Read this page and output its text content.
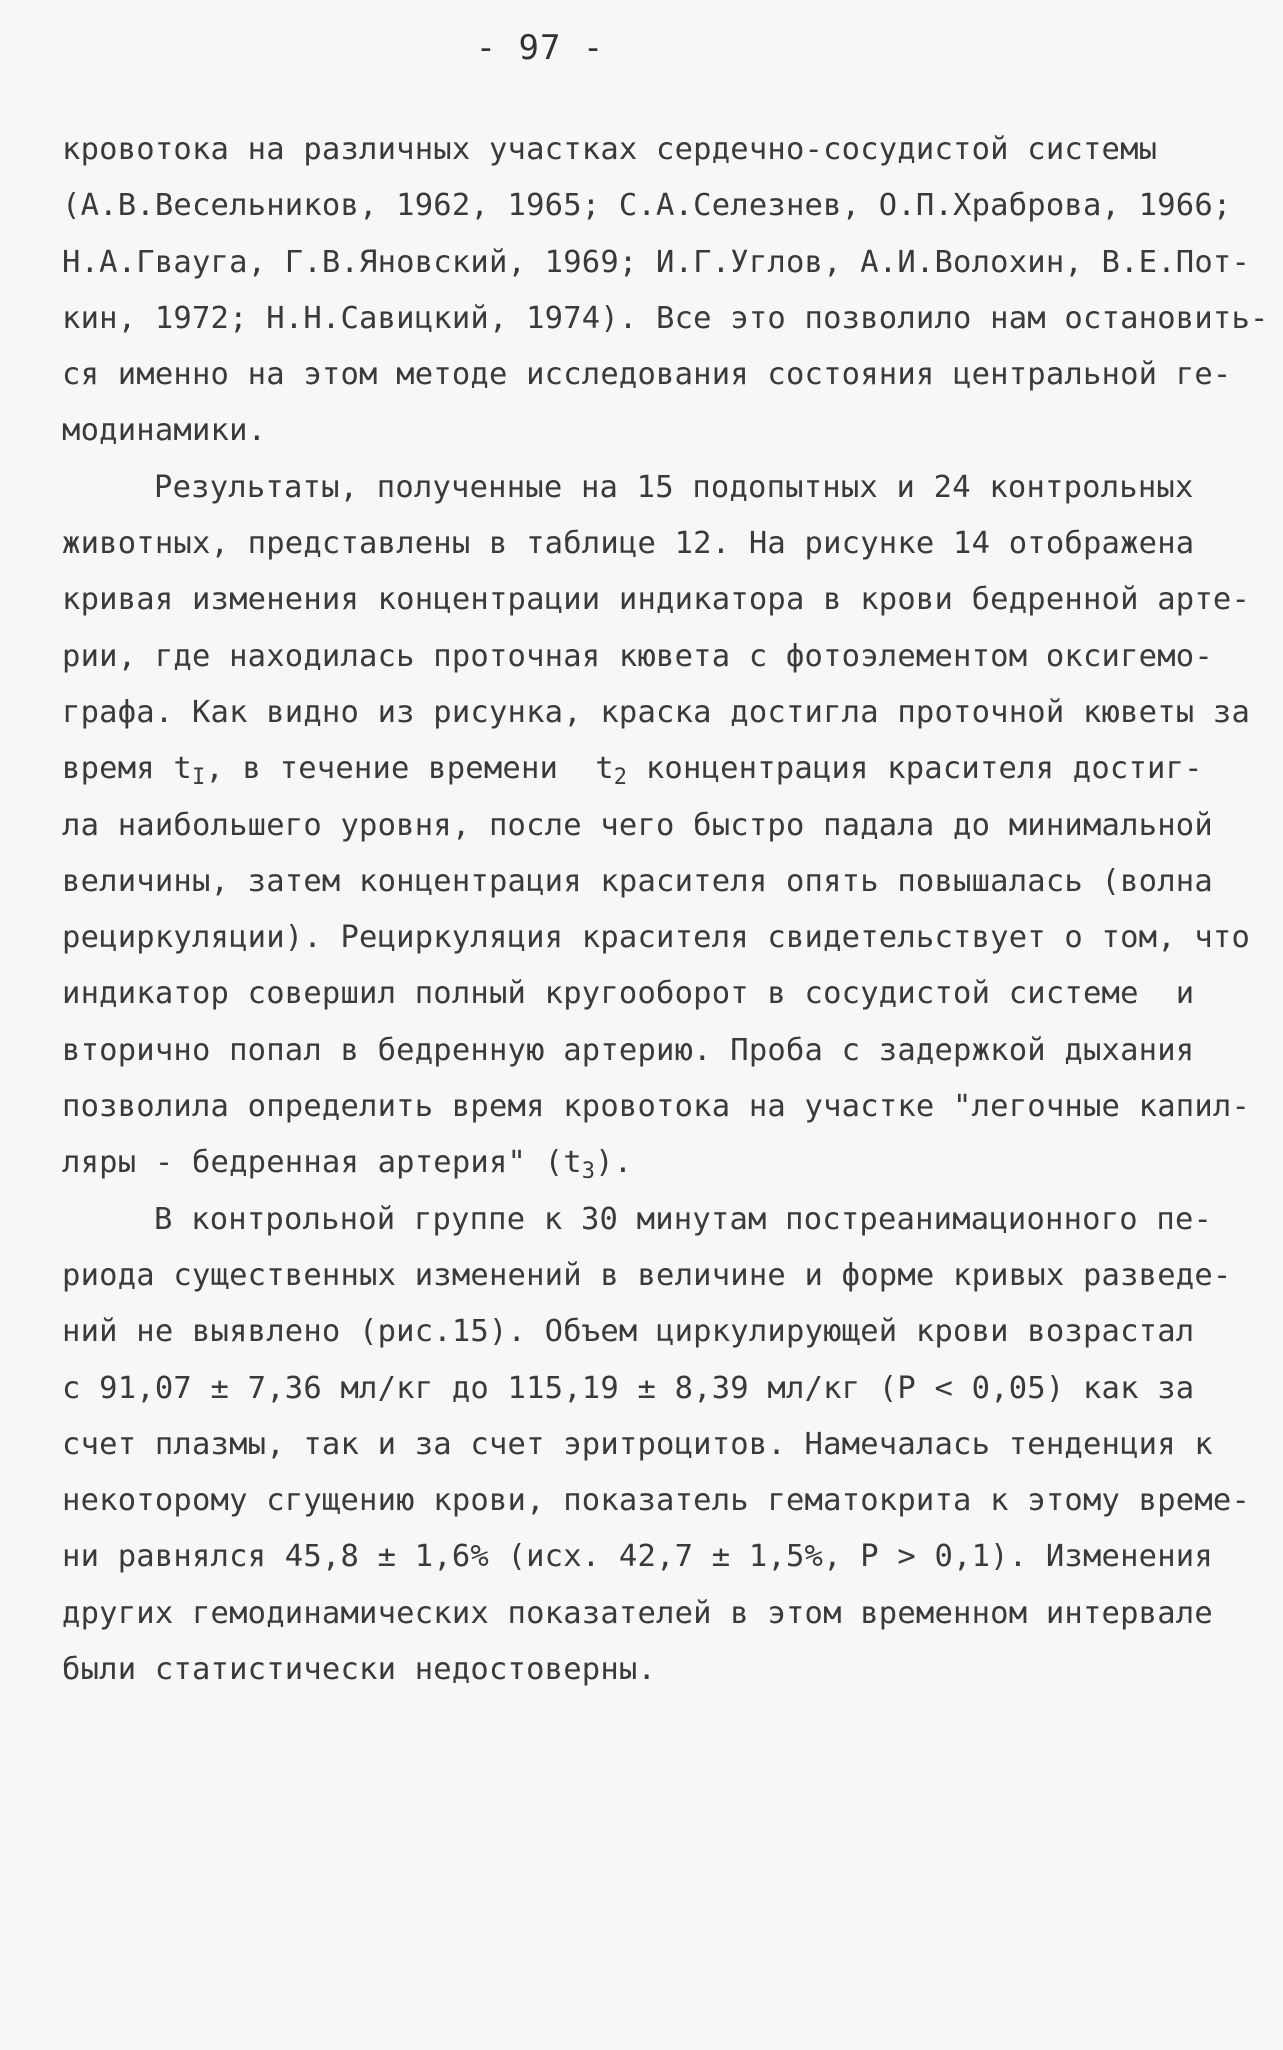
- 97 -
кровотока на различных участках сердечно-сосудистой системы
(А.В.Весельников, 1962, 1965; С.А.Селезнев, О.П.Храброва, 1966;
Н.А.Гвауга, Г.В.Яновский, 1969; И.Г.Углов, А.И.Волохин, В.Е.Пот-
кин, 1972; Н.Н.Савицкий, 1974). Все это позволило нам остановить-
ся именно на этом методе исследования состояния центральной ге-
модинамики.
Результаты, полученные на 15 подопытных и 24 контрольных
животных, представлены в таблице 12. На рисунке 14 отображена
кривая изменения концентрации индикатора в крови бедренной арте-
рии, где находилась проточная кювета с фотоэлементом оксигемо-
графа. Как видно из рисунка, краска достигла проточной кюветы за
время $t_I$, в течение времени  $t_2$ концентрация красителя достиг-
ла наибольшего уровня, после чего быстро падала до минимальной
величины, затем концентрация красителя опять повышалась (волна
рециркуляции). Рециркуляция красителя свидетельствует о том, что
индикатор совершил полный кругооборот в сосудистой системе  и
вторично попал в бедренную артерию. Проба с задержкой дыхания
позволила определить время кровотока на участке "легочные капил-
ляры - бедренная артерия" $(t_3)$.
В контрольной группе к 30 минутам постреанимационного пе-
риода существенных изменений в величине и форме кривых разведе-
ний не выявлено (рис.15). Объем циркулирующей крови возрастал
с 91,07 ± 7,36 мл/кг до 115,19 ± 8,39 мл/кг (Р < 0,05) как за
счет плазмы, так и за счет эритроцитов. Намечалась тенденция к
некоторому сгущению крови, показатель гематокрита к этому време-
ни равнялся 45,8 ± 1,6% (исх. 42,7 ± 1,5%, Р > 0,1). Изменения
других гемодинамических показателей в этом временном интервале
были статистически недостоверны.
